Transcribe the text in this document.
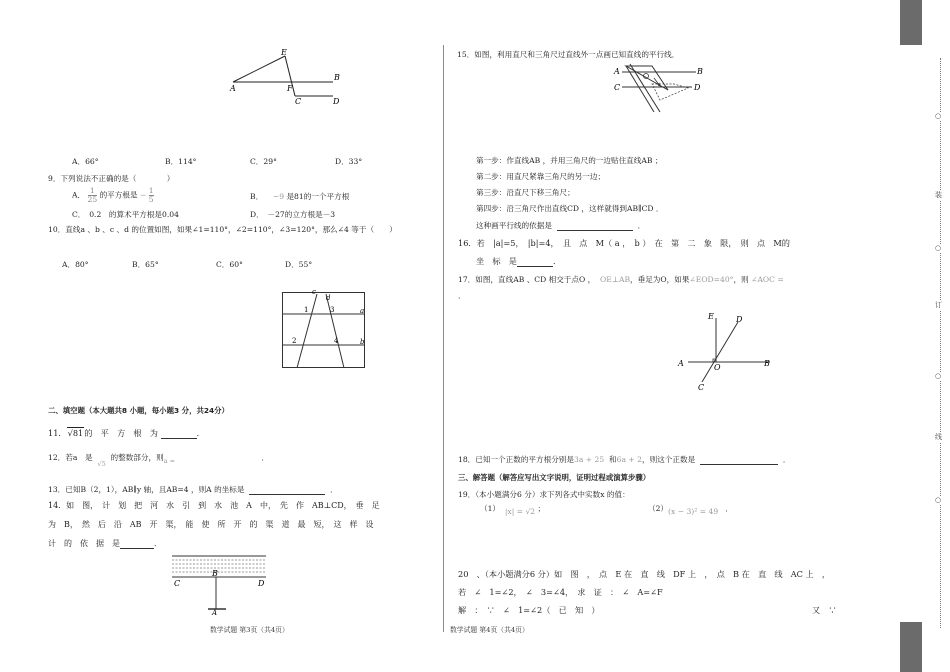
E
A	F
B
C	D
A．66°	B．114°	C．29°	D．33°
9．下列说法不正确的是（　　　　）
A． $\frac{1}{25}$ 的平方根是 − $\frac{1}{5}$	B． −9 是81的一个平方根
C．　0.2　的算术平方根是0.04	D．　－27的立方根是－3
10．直线a 、b 、c 、d 的位置如图，如果∠1=110°，∠2=110°，∠3=120°，那么∠4 等于（　　）
A．80°	B．65°	C．60°	D．55°
c
d
1	3
2	4
a
b
二、填空题（本大题共8 小题，每小题3 分，共24分）
11．√81的　平　方　根　为	．
12．若a　是  √5  的整数部分，则a =	．
13．已知B（2，1），AB∥y 轴，且AB=4 ，则A 的坐标是	．
14．如　图，　计　划　把　河　水　引　到　水　池　A　中，　先　作　AB⊥CD，　垂　足
为　B，　然　后　沿　AB　开　渠，　能　使　所　开　的　渠　道　最　短，　这　样　设
计　的　依　据　是	．
B
C	D
A
数学试题 第3页（共4页）
15．如图，利用直尺和三角尺过直线外一点画已知直线的平行线．
A
C
B
D
第一步：作直线AB ，并用三角尺的一边贴住直线AB ；
第二步：用直尺紧靠三角尺的另一边；
第三步：沿直尺下移三角尺；
第四步：沿三角尺作出直线CD ，这样就得到AB∥CD ．
这种画平行线的依据是	．
16．若　|a|=5，　|b|=4，　且　点　M（ a ，　b ）　在　第　二　象　限，　则　点　M的
坐　标　是	．
17．如图，直线AB 、CD 相交于点O ， OE⊥AB，垂足为O，如果∠EOD=40°，则 ∠AOC =
．
E	D
A	O	B
C
18．已知一个正数的平方根分别是3a + 25 和6a + 2，则这个正数是	．
三、解答题（解答应写出文字说明，证明过程或演算步骤）
19．（本小题满分6 分）求下列各式中实数x 的值：
（1） |x| = √2 ；	（2）(x − 3)² = 49   ．
20　、（本小题满分6 分）如　图　，　点　E 在　直　线　DF 上　，　点　B 在　直　线　AC 上　，
若　∠　1=∠2，　∠　3=∠4，　求　证　：　∠　A=∠F
解　：　∵　∠　1=∠2（　已　知　）	又　∵
数学试题 第4页（共4页）
○
装
○
订
○
线
○
